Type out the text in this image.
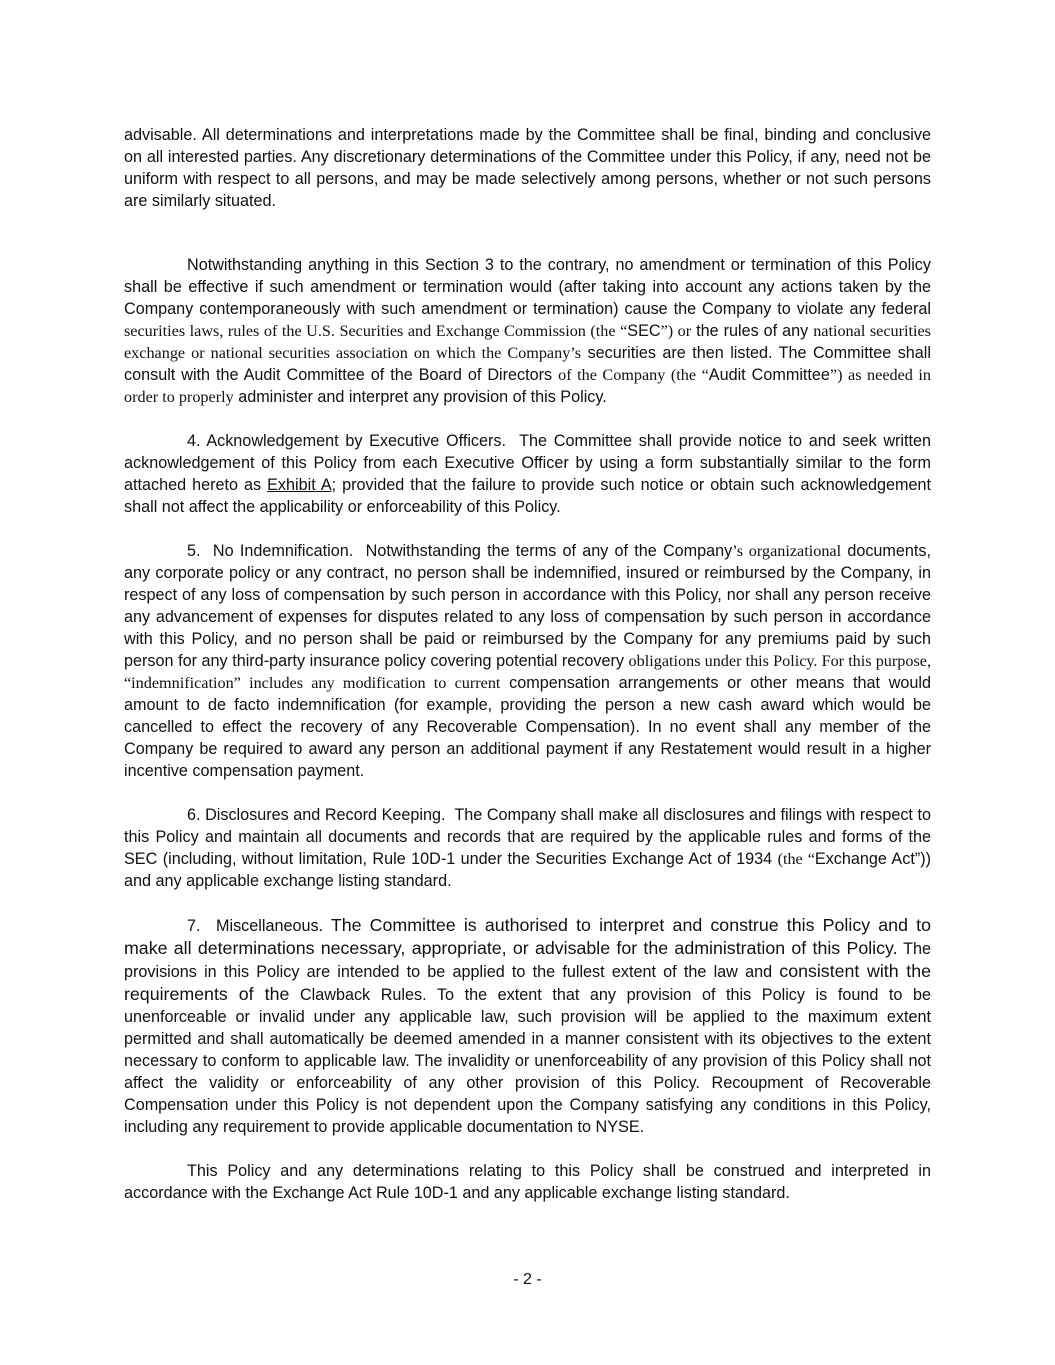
advisable. All determinations and interpretations made by the Committee shall be final, binding and conclusive on all interested parties. Any discretionary determinations of the Committee under this Policy, if any, need not be uniform with respect to all persons, and may be made selectively among persons, whether or not such persons are similarly situated.

Notwithstanding anything in this Section 3 to the contrary, no amendment or termination of this Policy shall be effective if such amendment or termination would (after taking into account any actions taken by the Company contemporaneously with such amendment or termination) cause the Company to violate any federal securities laws, rules of the U.S. Securities and Exchange Commission (the “SEC”) or the rules of any national securities exchange or national securities association on which the Company’s securities are then listed. The Committee shall consult with the Audit Committee of the Board of Directors of the Company (the “Audit Committee”) as needed in order to properly administer and interpret any provision of this Policy.

4. Acknowledgement by Executive Officers. The Committee shall provide notice to and seek written acknowledgement of this Policy from each Executive Officer by using a form substantially similar to the form attached hereto as Exhibit A; provided that the failure to provide such notice or obtain such acknowledgement shall not affect the applicability or enforceability of this Policy.

5.  No Indemnification. Notwithstanding the terms of any of the Company’s organizational documents, any corporate policy or any contract, no person shall be indemnified, insured or reimbursed by the Company, in respect of any loss of compensation by such person in accordance with this Policy, nor shall any person receive any advancement of expenses for disputes related to any loss of compensation by such person in accordance with this Policy, and no person shall be paid or reimbursed by the Company for any premiums paid by such person for any third-party insurance policy covering potential recovery obligations under this Policy. For this purpose, “indemnification” includes any modification to current compensation arrangements or other means that would amount to de facto indemnification (for example, providing the person a new cash award which would be cancelled to effect the recovery of any Recoverable Compensation). In no event shall any member of the Company be required to award any person an additional payment if any Restatement would result in a higher incentive compensation payment.

6. Disclosures and Record Keeping. The Company shall make all disclosures and filings with respect to this Policy and maintain all documents and records that are required by the applicable rules and forms of the SEC (including, without limitation, Rule 10D-1 under the Securities Exchange Act of 1934 (the “Exchange Act”)) and any applicable exchange listing standard.

7.  Miscellaneous. The Committee is authorised to interpret and construe this Policy and to make all determinations necessary, appropriate, or advisable for the administration of this Policy. The provisions in this Policy are intended to be applied to the fullest extent of the law and consistent with the requirements of the Clawback Rules. To the extent that any provision of this Policy is found to be unenforceable or invalid under any applicable law, such provision will be applied to the maximum extent permitted and shall automatically be deemed amended in a manner consistent with its objectives to the extent necessary to conform to applicable law. The invalidity or unenforceability of any provision of this Policy shall not affect the validity or enforceability of any other provision of this Policy. Recoupment of Recoverable Compensation under this Policy is not dependent upon the Company satisfying any conditions in this Policy, including any requirement to provide applicable documentation to NYSE.

This Policy and any determinations relating to this Policy shall be construed and interpreted in accordance with the Exchange Act Rule 10D-1 and any applicable exchange listing standard.

- 2 -
